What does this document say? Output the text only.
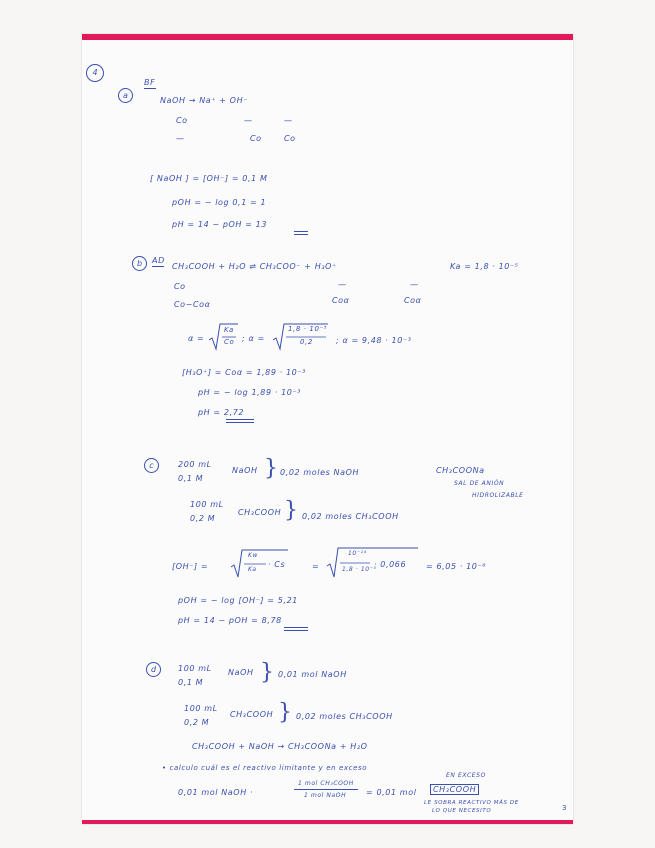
4
BF
a
NaOH → Na⁺ + OH⁻
Co	—	—
—	Co	Co
[ NaOH ] = [OH⁻] = 0,1 M
pOH = − log 0,1 = 1
pH = 14 − pOH = 13
b	AD
CH₃COOH + H₂O ⇌ CH₃COO⁻ + H₃O⁺	Ka = 1,8 · 10⁻⁵
Co	—	—
Co−Coα	Coα	Coα
α =
Ka
Co ; α =
1,8 · 10⁻⁵
0,2	; α = 9,48 · 10⁻³
[H₃O⁺] = Coα = 1,89 · 10⁻³
pH = − log 1,89 · 10⁻³
pH = 2,72
c	200 mL
0,1 M
NaOH } 0,02 moles NaOH	CH₃COONa
SAL DE ANIÓN
HIDROLIZABLE
100 mL
0,2 M
CH₃COOH } 0,02 moles CH₃COOH
[OH⁻] =
Kw
Ka
· Cs	=
10⁻¹⁴
1,8 · 10⁻⁵
· 0,066 = 6,05 · 10⁻⁶
pOH = − log [OH⁻] = 5,21
pH = 14 − pOH = 8,78
d	100 mL
0,1 M
NaOH } 0,01 mol NaOH
100 mL
0,2 M
CH₃COOH } 0,02 moles CH₃COOH
CH₃COOH + NaOH → CH₃COONa + H₂O
• calculo cuál es el reactivo limitante y en exceso
0,01 mol NaOH ·
1 mol CH₃COOH
1 mol NaOH = 0,01 mol	CH₃COOH
EN EXCESO
LE SOBRA REACTIVO MÁS DE
LO QUE NECESITO	3
